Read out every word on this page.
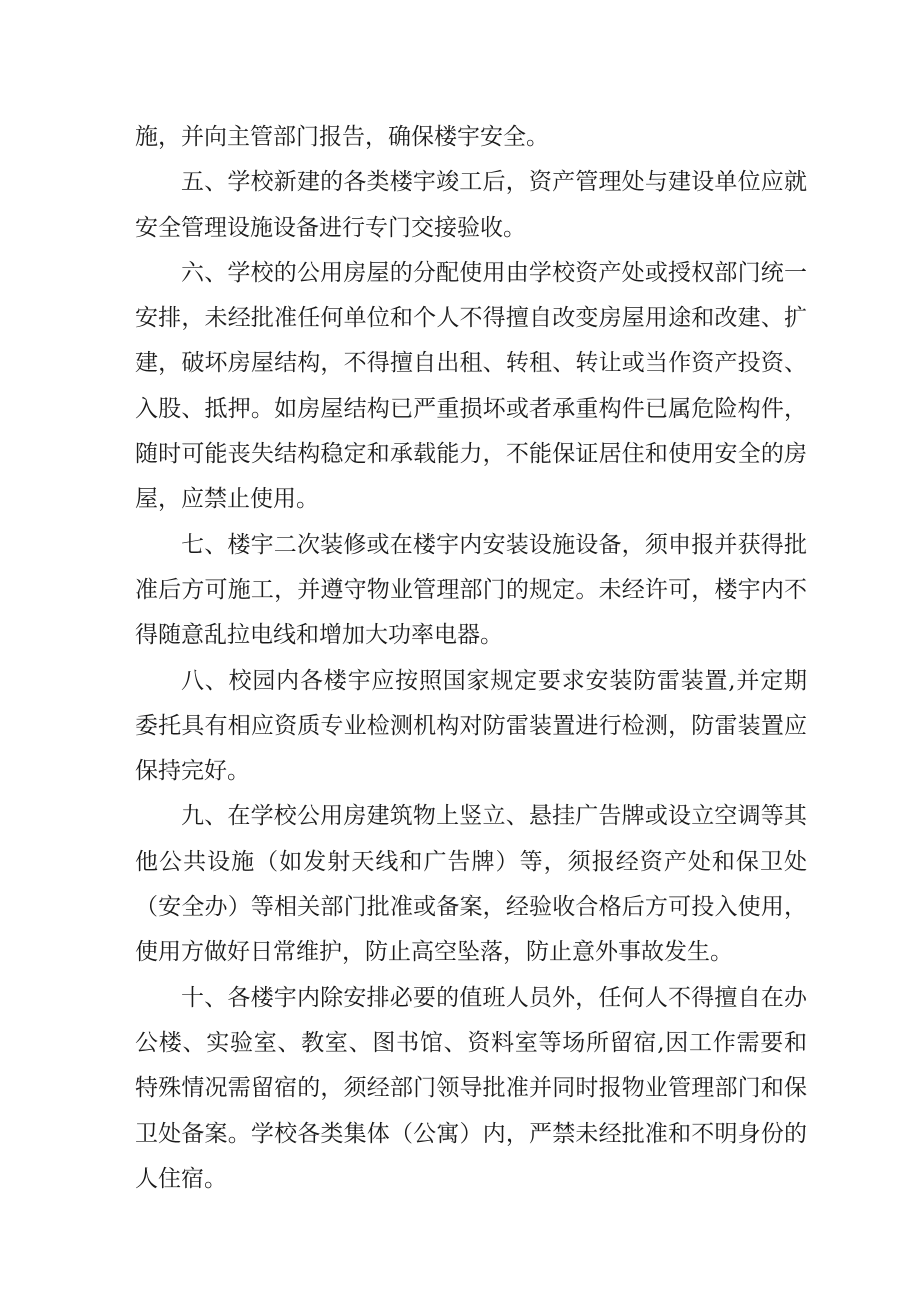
施，并向主管部门报告，确保楼宇安全。

五、学校新建的各类楼宇竣工后，资产管理处与建设单位应就安全管理设施设备进行专门交接验收。

六、学校的公用房屋的分配使用由学校资产处或授权部门统一安排，未经批准任何单位和个人不得擅自改变房屋用途和改建、扩建，破坏房屋结构，不得擅自出租、转租、转让或当作资产投资、入股、抵押。如房屋结构已严重损坏或者承重构件已属危险构件，随时可能丧失结构稳定和承载能力，不能保证居住和使用安全的房屋，应禁止使用。

七、楼宇二次装修或在楼宇内安装设施设备，须申报并获得批准后方可施工，并遵守物业管理部门的规定。未经许可，楼宇内不得随意乱拉电线和增加大功率电器。

八、校园内各楼宇应按照国家规定要求安装防雷装置,并定期委托具有相应资质专业检测机构对防雷装置进行检测，防雷装置应保持完好。

九、在学校公用房建筑物上竖立、悬挂广告牌或设立空调等其他公共设施（如发射天线和广告牌）等，须报经资产处和保卫处（安全办）等相关部门批准或备案，经验收合格后方可投入使用，使用方做好日常维护，防止高空坠落，防止意外事故发生。

十、各楼宇内除安排必要的值班人员外，任何人不得擅自在办公楼、实验室、教室、图书馆、资料室等场所留宿,因工作需要和特殊情况需留宿的，须经部门领导批准并同时报物业管理部门和保卫处备案。学校各类集体（公寓）内，严禁未经批准和不明身份的人住宿。
